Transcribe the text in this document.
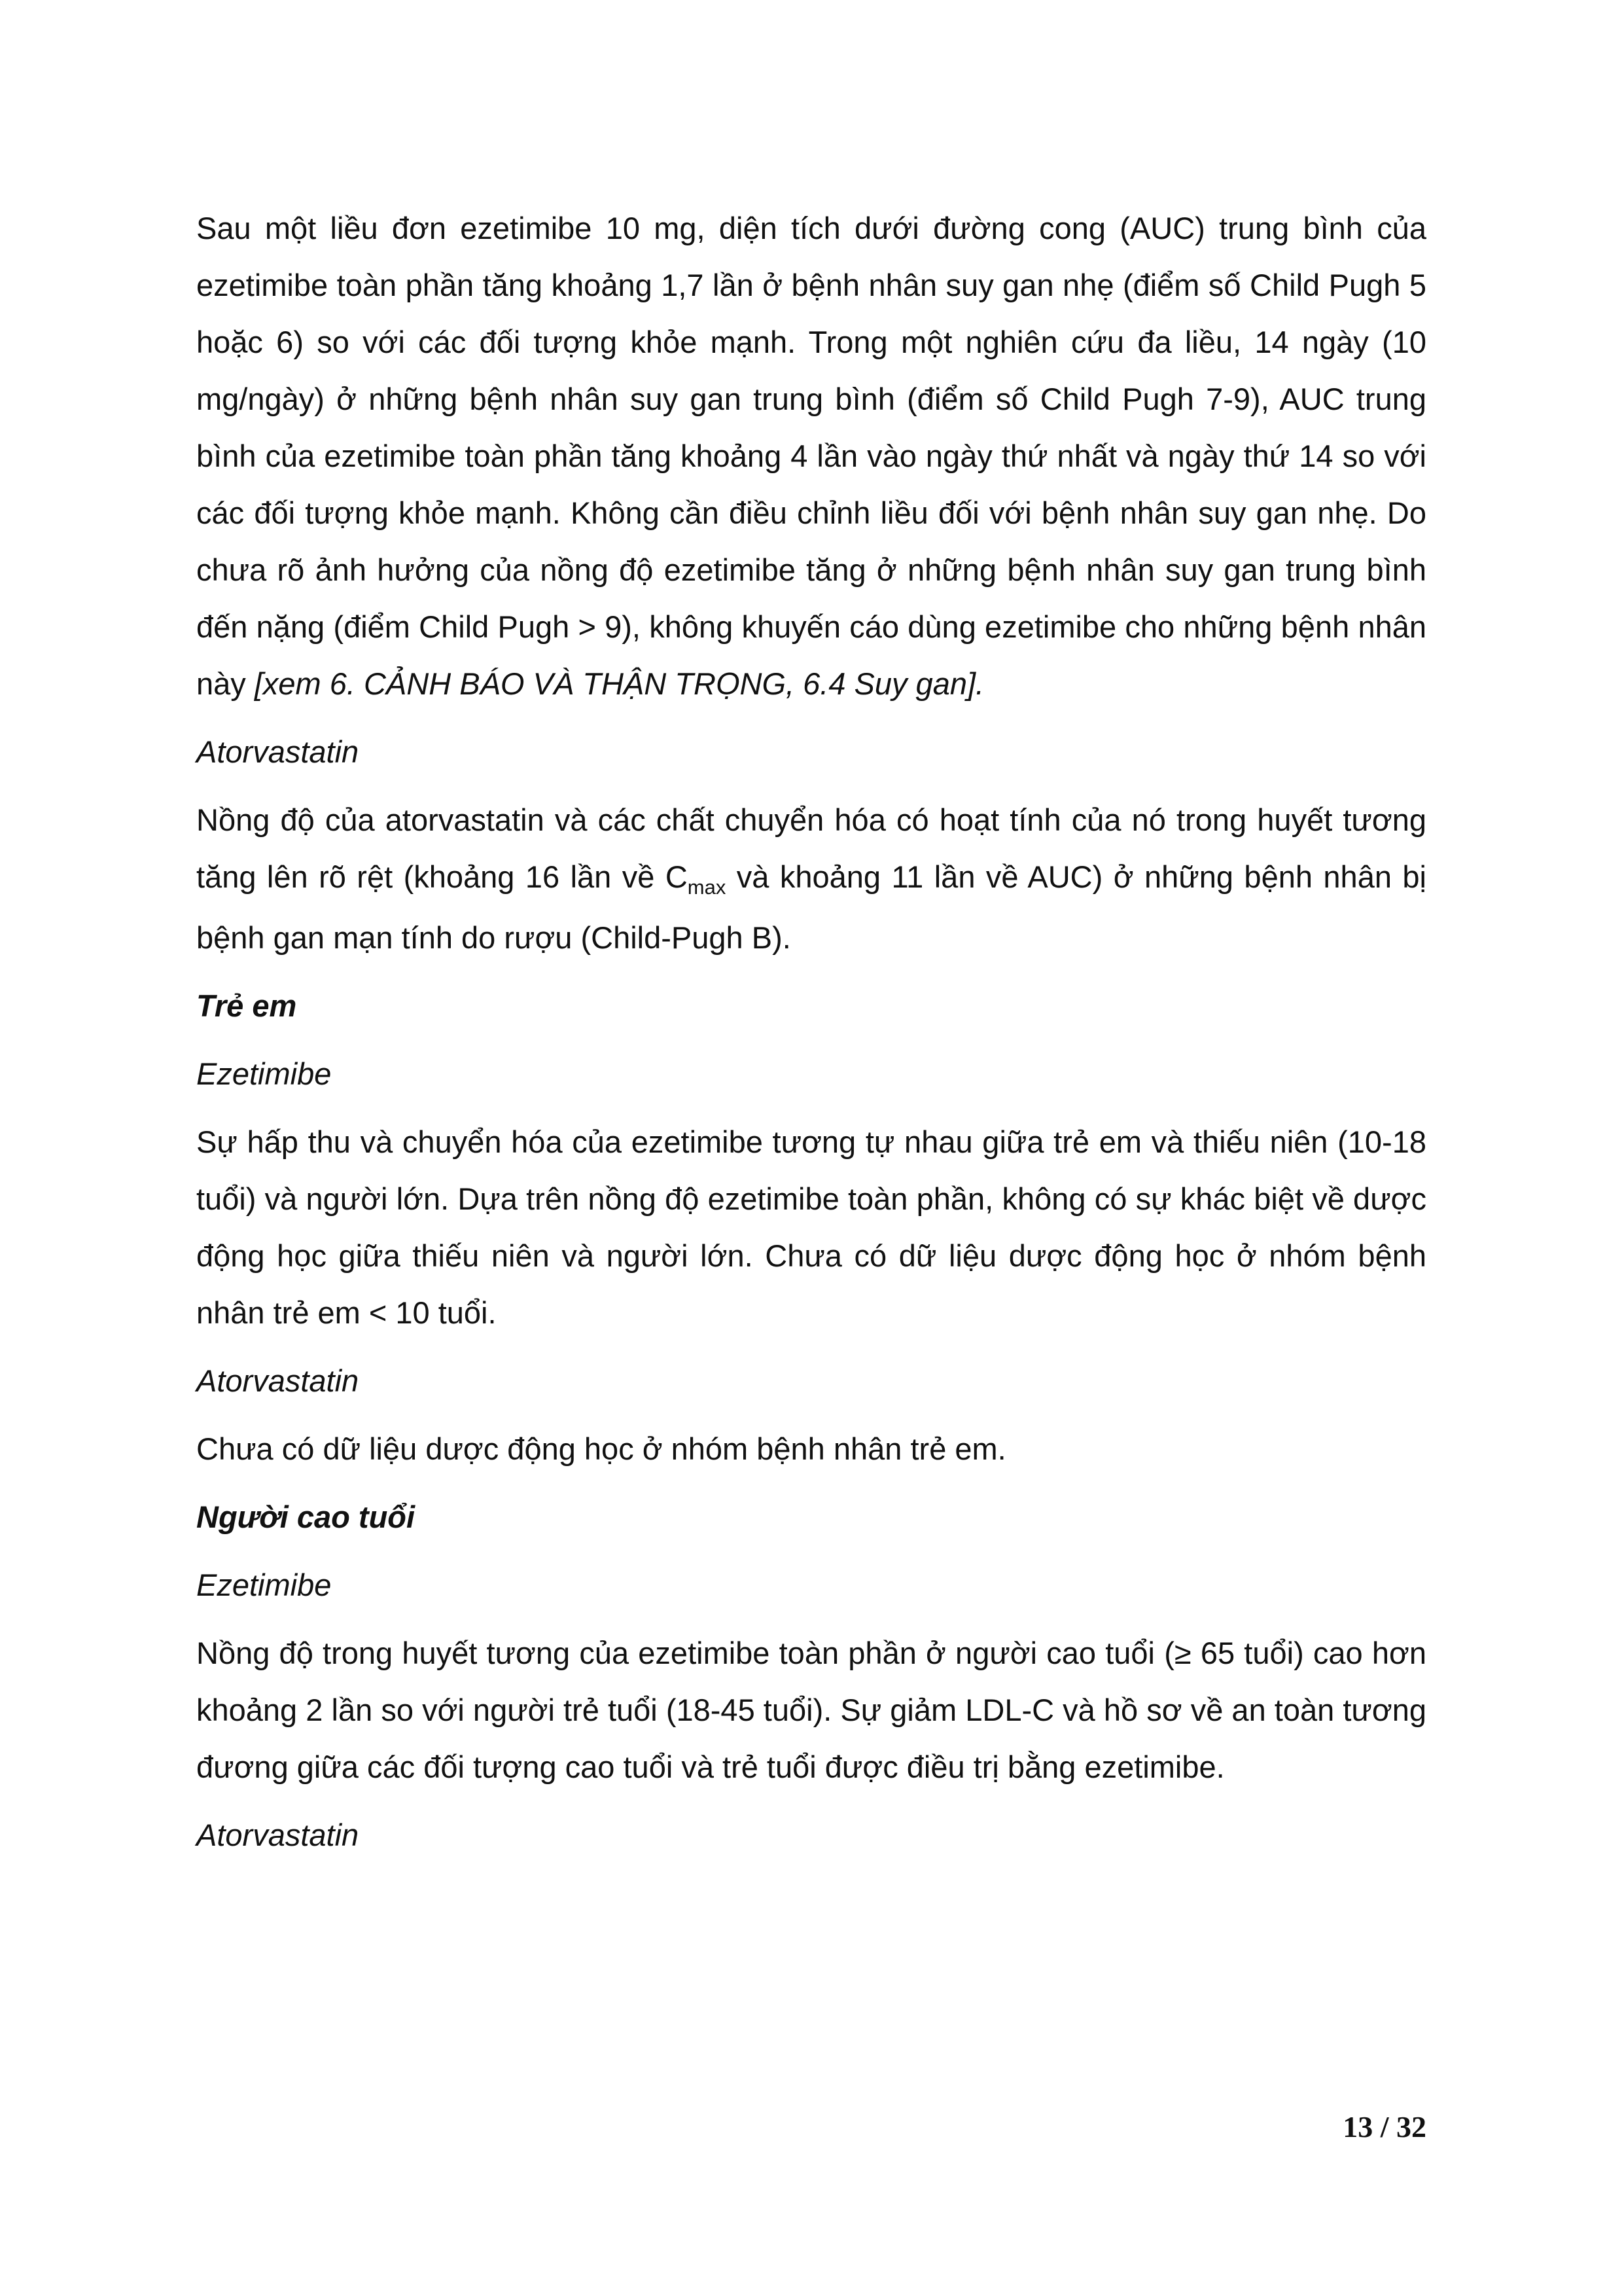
Sau một liều đơn ezetimibe 10 mg, diện tích dưới đường cong (AUC) trung bình của ezetimibe toàn phần tăng khoảng 1,7 lần ở bệnh nhân suy gan nhẹ (điểm số Child Pugh 5 hoặc 6) so với các đối tượng khỏe mạnh. Trong một nghiên cứu đa liều, 14 ngày (10 mg/ngày) ở những bệnh nhân suy gan trung bình (điểm số Child Pugh 7-9), AUC trung bình của ezetimibe toàn phần tăng khoảng 4 lần vào ngày thứ nhất và ngày thứ 14 so với các đối tượng khỏe mạnh. Không cần điều chỉnh liều đối với bệnh nhân suy gan nhẹ. Do chưa rõ ảnh hưởng của nồng độ ezetimibe tăng ở những bệnh nhân suy gan trung bình đến nặng (điểm Child Pugh > 9), không khuyến cáo dùng ezetimibe cho những bệnh nhân này [xem 6. CẢNH BÁO VÀ THẬN TRỌNG, 6.4 Suy gan].

Atorvastatin

Nồng độ của atorvastatin và các chất chuyển hóa có hoạt tính của nó trong huyết tương tăng lên rõ rệt (khoảng 16 lần về $C_{max}$ và khoảng 11 lần về AUC) ở những bệnh nhân bị bệnh gan mạn tính do rượu (Child-Pugh B).

Trẻ em

Ezetimibe

Sự hấp thu và chuyển hóa của ezetimibe tương tự nhau giữa trẻ em và thiếu niên (10-18 tuổi) và người lớn. Dựa trên nồng độ ezetimibe toàn phần, không có sự khác biệt về dược động học giữa thiếu niên và người lớn. Chưa có dữ liệu dược động học ở nhóm bệnh nhân trẻ em < 10 tuổi.

Atorvastatin

Chưa có dữ liệu dược động học ở nhóm bệnh nhân trẻ em.

Người cao tuổi

Ezetimibe

Nồng độ trong huyết tương của ezetimibe toàn phần ở người cao tuổi (≥ 65 tuổi) cao hơn khoảng 2 lần so với người trẻ tuổi (18-45 tuổi). Sự giảm LDL-C và hồ sơ về an toàn tương đương giữa các đối tượng cao tuổi và trẻ tuổi được điều trị bằng ezetimibe.

Atorvastatin

13 / 32
